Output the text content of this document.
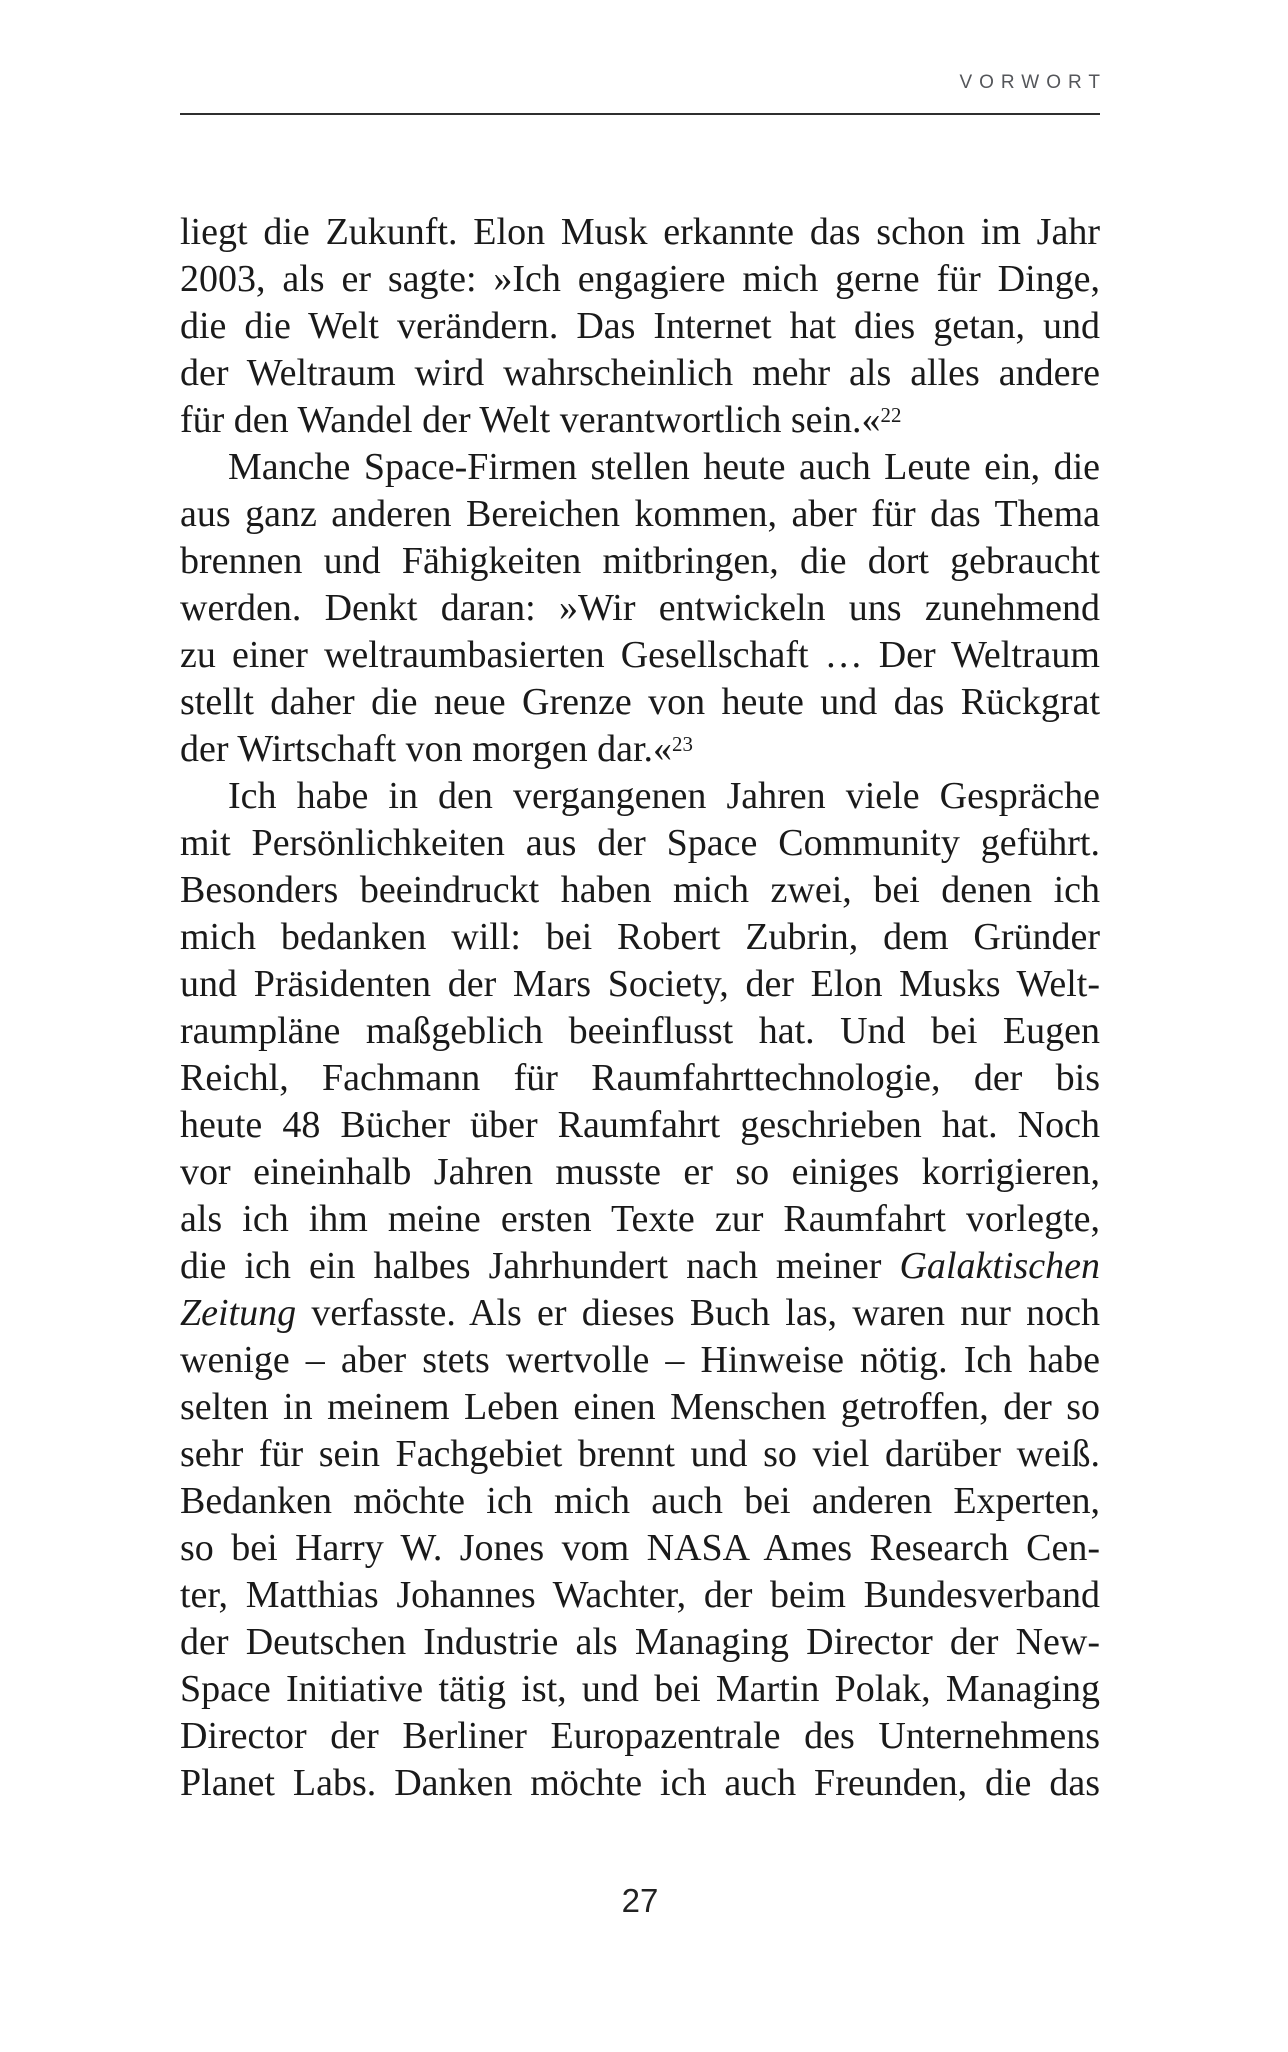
VORWORT
liegt die Zukunft. Elon Musk erkannte das schon im Jahr
2003, als er sagte: »Ich engagiere mich gerne für Dinge,
die die Welt verändern. Das Internet hat dies getan, und
der Weltraum wird wahrscheinlich mehr als alles andere
für den Wandel der Welt verantwortlich sein.«$^{22}$
Manche Space-Firmen stellen heute auch Leute ein, die
aus ganz anderen Bereichen kommen, aber für das Thema
brennen und Fähigkeiten mitbringen, die dort gebraucht
werden. Denkt daran: »Wir entwickeln uns zunehmend
zu einer weltraumbasierten Gesellschaft … Der Weltraum
stellt daher die neue Grenze von heute und das Rückgrat
der Wirtschaft von morgen dar.«$^{23}$
Ich habe in den vergangenen Jahren viele Gespräche
mit Persönlichkeiten aus der Space Community geführt.
Besonders beeindruckt haben mich zwei, bei denen ich
mich bedanken will: bei Robert Zubrin, dem Gründer
und Präsidenten der Mars Society, der Elon Musks Welt-
raumpläne maßgeblich beeinflusst hat. Und bei Eugen
Reichl, Fachmann für Raumfahrttechnologie, der bis
heute 48 Bücher über Raumfahrt geschrieben hat. Noch
vor eineinhalb Jahren musste er so einiges korrigieren,
als ich ihm meine ersten Texte zur Raumfahrt vorlegte,
die ich ein halbes Jahrhundert nach meiner Galaktischen
Zeitung verfasste. Als er dieses Buch las, waren nur noch
wenige – aber stets wertvolle – Hinweise nötig. Ich habe
selten in meinem Leben einen Menschen getroffen, der so
sehr für sein Fachgebiet brennt und so viel darüber weiß.
Bedanken möchte ich mich auch bei anderen Experten,
so bei Harry W. Jones vom NASA Ames Research Cen-
ter, Matthias Johannes Wachter, der beim Bundesverband
der Deutschen Industrie als Managing Director der New-
Space Initiative tätig ist, und bei Martin Polak, Managing
Director der Berliner Europazentrale des Unternehmens
Planet Labs. Danken möchte ich auch Freunden, die das
27
